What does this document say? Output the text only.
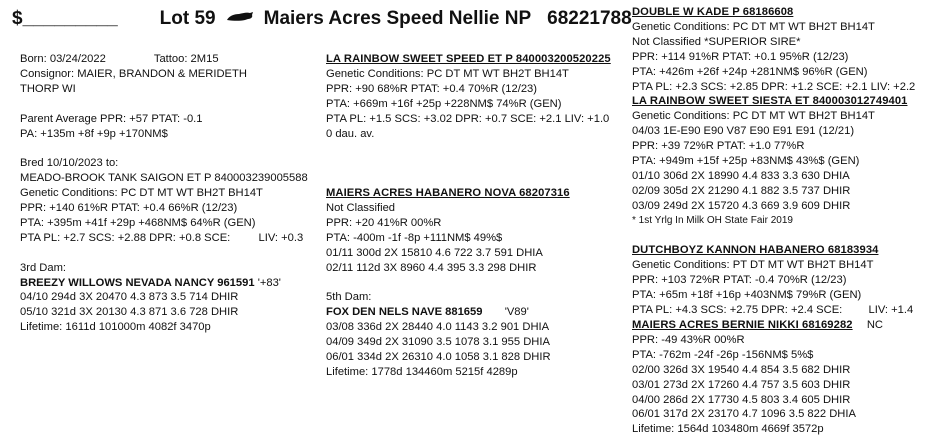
$_________ Lot 59	Maiers Acres Speed Nellie NP 68221788
Born: 03/24/2022	Tattoo: 2M15
Consignor: MAIER, BRANDON & MERIDETH
THORP WI
Parent Average PPR: +57 PTAT: -0.1
PA: +135m +8f +9p +170NM$
Bred 10/10/2023 to:
MEADO-BROOK TANK SAIGON ET P 840003239005588
Genetic Conditions: PC DT MT WT BH2T BH14T
PPR: +140 61%R PTAT: +0.4 66%R (12/23)
PTA: +395m +41f +29p +468NM$ 64%R (GEN)
PTA PL: +2.7 SCS: +2.88 DPR: +0.8 SCE:	LIV: +0.3
3rd Dam:
BREEZY WILLOWS NEVADA NANCY 961591 '+83'
04/10 294d 3X 20470 4.3 873 3.5 714 DHIR
05/10 321d 3X 20130 4.3 871 3.6 728 DHIR
Lifetime: 1611d 101000m 4082f 3470p
LA RAINBOW SWEET SPEED ET P 840003200520225
Genetic Conditions: PC DT MT WT BH2T BH14T
PPR: +90 68%R PTAT: +0.4 70%R (12/23)
PTA: +669m +16f +25p +228NM$ 74%R (GEN)
PTA PL: +1.5 SCS: +3.02 DPR: +0.7 SCE: +2.1 LIV: +1.0
0 dau. av.
MAIERS ACRES HABANERO NOVA 68207316
Not Classified
PPR: +20 41%R 00%R
PTA: -400m -1f -8p +111NM$ 49%$
01/11 300d 2X 15810 4.6 722 3.7 591 DHIA
02/11 112d 3X 8960 4.4 395 3.3 298 DHIR
5th Dam:
FOX DEN NELS NAVE 881659 'V89'
03/08 336d 2X 28440 4.0 1143 3.2 901 DHIA
04/09 349d 2X 31090 3.5 1078 3.1 955 DHIA
06/01 334d 2X 26310 4.0 1058 3.1 828 DHIR
Lifetime: 1778d 134460m 5215f 4289p
DOUBLE W KADE P 68186608
Genetic Conditions: PC DT MT WT BH2T BH14T
Not Classified *SUPERIOR SIRE*
PPR: +114 91%R PTAT: +0.1 95%R (12/23)
PTA: +426m +26f +24p +281NM$ 96%R (GEN)
PTA PL: +2.3 SCS: +2.85 DPR: +1.2 SCE: +2.1 LIV: +2.2
LA RAINBOW SWEET SIESTA ET 840003012749401
Genetic Conditions: PC DT MT WT BH2T BH14T
04/03 1E-E90 E90 V87 E90 E91 E91 (12/21)
PPR: +39 72%R PTAT: +1.0 77%R
PTA: +949m +15f +25p +83NM$ 43%$ (GEN)
01/10 306d 2X 18990 4.4 833 3.3 630 DHIA
02/09 305d 2X 21290 4.1 882 3.5 737 DHIR
03/09 249d 2X 15720 4.3 669 3.9 609 DHIR
* 1st Yrlg In Milk OH State Fair 2019
DUTCHBOYZ KANNON HABANERO 68183934
Genetic Conditions: PT DT MT WT BH2T BH14T
PPR: +103 72%R PTAT: -0.4 70%R (12/23)
PTA: +65m +18f +16p +403NM$ 79%R (GEN)
PTA PL: +4.3 SCS: +2.75 DPR: +2.4 SCE: LIV: +1.4
MAIERS ACRES BERNIE NIKKI 68169282 NC
PPR: -49 43%R 00%R
PTA: -762m -24f -26p -156NM$ 5%$
02/00 326d 3X 19540 4.4 854 3.5 682 DHIR
03/01 273d 2X 17260 4.4 757 3.5 603 DHIR
04/00 286d 2X 17730 4.5 803 3.4 605 DHIR
06/01 317d 2X 23170 4.7 1096 3.5 822 DHIA
Lifetime: 1564d 103480m 4669f 3572p
